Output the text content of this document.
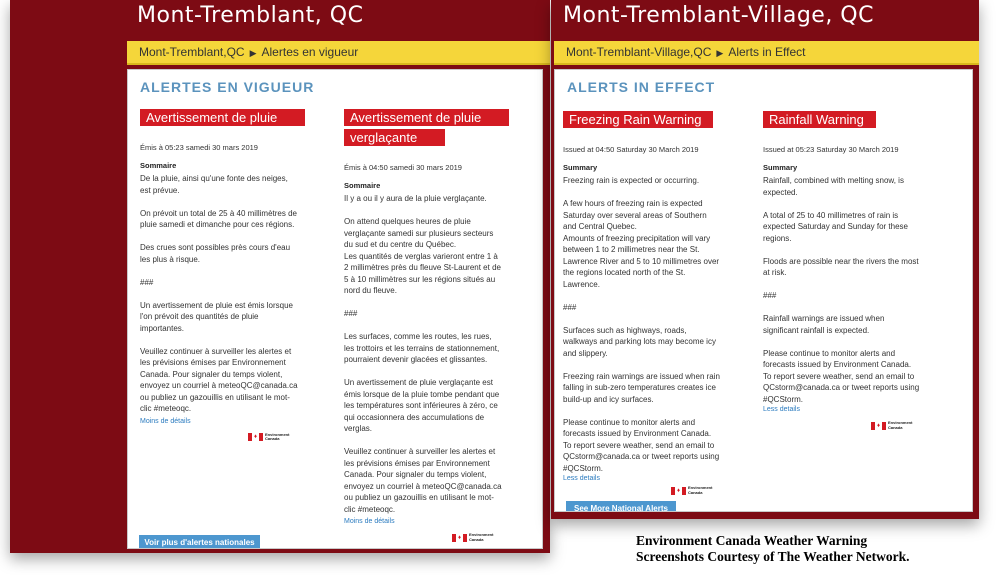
Mont-Tremblant, QC
Mont-Tremblant,QC ▶ Alertes en vigueur
ALERTES EN VIGUEUR
Avertissement de pluie
Émis à 05:23 samedi 30 mars 2019
Sommaire
De la pluie, ainsi qu'une fonte des neiges,
est prévue.

On prévoit un total de 25 à 40 millimètres de
pluie samedi et dimanche pour ces régions.

Des crues sont possibles près cours d'eau
les plus à risque.

###

Un avertissement de pluie est émis lorsque
l'on prévoit des quantités de pluie
importantes.

Veuillez continuer à surveiller les alertes et
les prévisions émises par Environnement
Canada. Pour signaler du temps violent,
envoyez un courriel à meteoQC@canada.ca
ou publiez un gazouillis en utilisant le mot-
clic #meteoqc.
Moins de détails
♦	Environment
Canada
Avertissement de pluie verglaçante
Émis à 04:50 samedi 30 mars 2019
Sommaire
Il y a ou il y aura de la pluie verglaçante.

On attend quelques heures de pluie
verglaçante samedi sur plusieurs secteurs
du sud et du centre du Québec.
Les quantités de verglas varieront entre 1 à
2 millimètres près du fleuve St-Laurent et de
5 à 10 millimètres sur les régions situés au
nord du fleuve.

###

Les surfaces, comme les routes, les rues,
les trottoirs et les terrains de stationnement,
pourraient devenir glacées et glissantes.

Un avertissement de pluie verglaçante est
émis lorsque de la pluie tombe pendant que
les températures sont inférieures à zéro, ce
qui occasionnera des accumulations de
verglas.

Veuillez continuer à surveiller les alertes et
les prévisions émises par Environnement
Canada. Pour signaler du temps violent,
envoyez un courriel à meteoQC@canada.ca
ou publiez un gazouillis en utilisant le mot-
clic #meteoqc.
Moins de détails
♦	Environment
Canada
Voir plus d'alertes nationales
Mont-Tremblant-Village, QC
Mont-Tremblant-Village,QC ▶ Alerts in Effect
ALERTS IN EFFECT
Freezing Rain Warning
Issued at 04:50 Saturday 30 March 2019
Summary
Freezing rain is expected or occurring.

A few hours of freezing rain is expected
Saturday over several areas of Southern
and Central Quebec.
Amounts of freezing precipitation will vary
between 1 to 2 millimetres near the St.
Lawrence River and 5 to 10 millimetres over
the regions located north of the St.
Lawrence.

###

Surfaces such as highways, roads,
walkways and parking lots may become icy
and slippery.

Freezing rain warnings are issued when rain
falling in sub-zero temperatures creates ice
build-up and icy surfaces.

Please continue to monitor alerts and
forecasts issued by Environment Canada.
To report severe weather, send an email to
QCstorm@canada.ca or tweet reports using
#QCStorm.
Less details
♦	Environment
Canada
Rainfall Warning
Issued at 05:23 Saturday 30 March 2019
Summary
Rainfall, combined with melting snow, is
expected.

A total of 25 to 40 millimetres of rain is
expected Saturday and Sunday for these
regions.

Floods are possible near the rivers the most
at risk.

###

Rainfall warnings are issued when
significant rainfall is expected.

Please continue to monitor alerts and
forecasts issued by Environment Canada.
To report severe weather, send an email to
QCstorm@canada.ca or tweet reports using
#QCStorm.
Less details
♦	Environment
Canada
See More National Alerts
Environment Canada Weather Warning
Screenshots Courtesy of The Weather Network.
